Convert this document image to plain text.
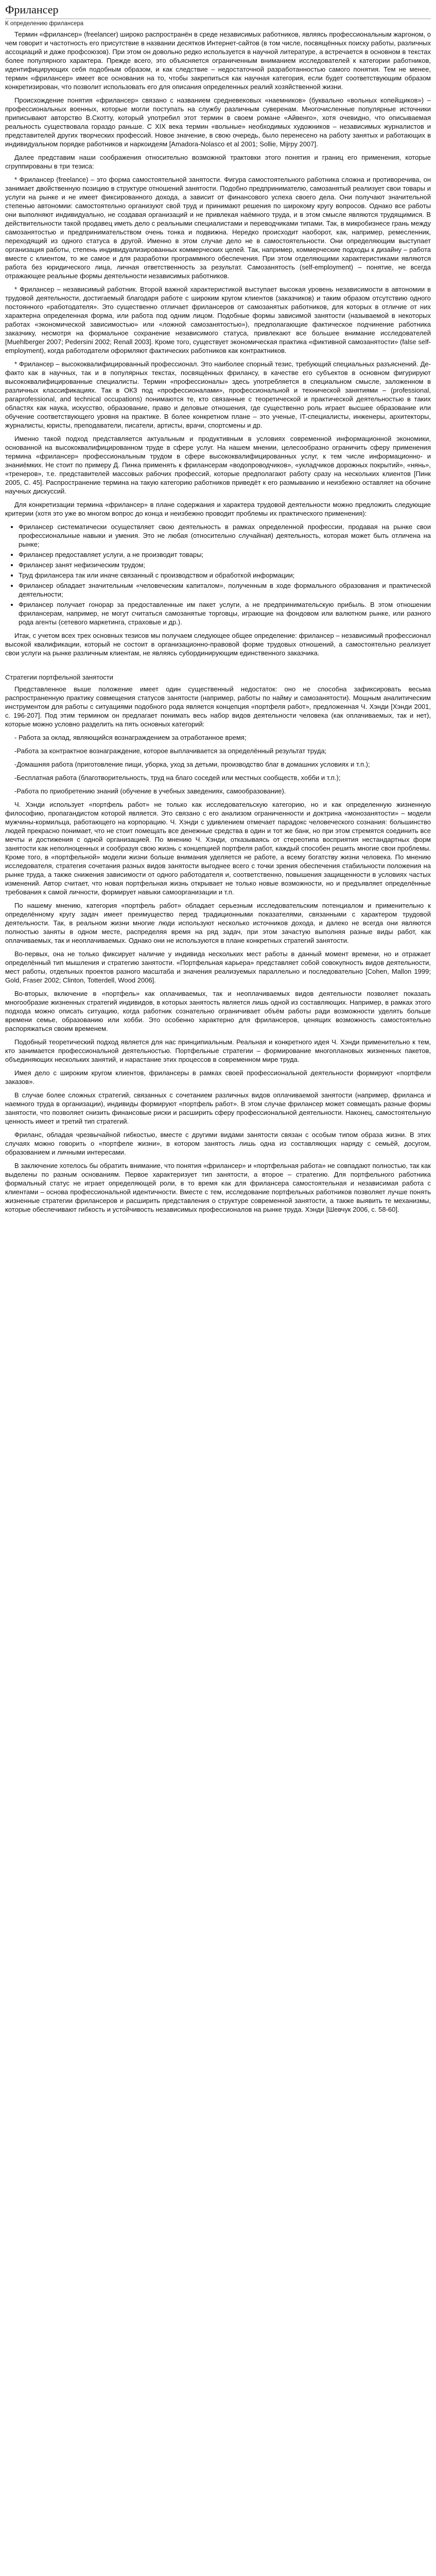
Фрилансер
К определению фрилансера

Термин «фрилансер» (freelancer) широко распространён в среде независимых работников, являясь профессиональным жаргоном, о чем говорит и частотность его присутствие в названии десятков Интернет-сайтов (в том числе, посвящённых поиску работы, различных ассоциаций и даже профсоюзов). При этом он довольно редко используется в научной литературе, а встречается в основном в текстах более популярного характера. Прежде всего, это объясняется ограниченным вниманием исследователей к категории работников, идентифицирующих себя подобным образом, и как следствие – недостаточной разработанностью самого понятия. Тем не менее, термин «фрилансер» имеет все основания на то, чтобы закрепиться как научная категория, если будет соответствующим образом конкретизирован, что позволит использовать его для описания определенных реалий хозяйственной жизни.

Происхождение понятия «фрилансер» связано с названием средневековых «наемников» (буквально «вольных копейщиков») – профессиональных военных, которые могли поступать на службу различным суверенам. Многочисленные популярные источники приписывают авторство В.Скотту, который употребил этот термин в своем романе «Айвенго», хотя очевидно, что описываемая реальность существовала гораздо раньше. С XIX века термин «вольные» необходимых художников – независимых журналистов и представителей других творческих профессий. Новое значение, в свою очередь, было перенесено на работу занятых и работающих в индивидуальном порядке работников и наркоидеям [Amadora-Nolasco et al 2001; Sollie, Mijrpy 2007].

Далее представим наши соображения относительно возможной трактовки этого понятия и границ его применения, которые сгруппированы в три тезиса:

* Фрилансер (freelance) – это форма самостоятельной занятости. Фигура самостоятельного работника сложна и противоречива, он занимает двойственную позицию в структуре отношений занятости. Подобно предпринимателю, самозанятый реализует свои товары и услуги на рынке и не имеет фиксированного дохода, а зависит от финансового успеха своего дела. Они получают значительной степенью автономии: самостоятельно организуют свой труд и принимают решения по широкому кругу вопросов. Однако все работы они выполняют индивидуально, не создавая организаций и не привлекая наёмного труда, и в этом смысле являются трудящимися. В действительности такой продавец иметь дело с реальными специалистами и переводчиками типами. Так, в микробизнесе грань между самозанятостью и предпринимательством очень тонка и подвижна. Нередко происходит наоборот, как, например, ремесленник, переходящий из одного статуса в другой. Именно в этом случае дело не в самостоятельности. Они определяющим выступает организация работы, степень индивидуализированных коммерческих целей. Так, например, коммерческие подходы к дизайну – работа вместе с клиентом, то же самое и для разработки программного обеспечения. При этом отделяющими характеристиками являются работа без юридического лица, личная ответственность за результат. Самозанятость (self-employment) – понятие, не всегда отражающее реальные формы деятельности независимых работников.

* Фрилансер – независимый работник. Второй важной характеристикой выступает высокая уровень независимости в автономии в трудовой деятельности, достигаемый благодаря работе с широким кругом клиентов (заказчиков) и таким образом отсутствию одного постоянного «работодателя». Это существенно отличает фрилансеров от самозанятых работников, для которых в отличие от них характерна определенная форма, или работа под одним лицом. Подобные формы зависимой занятости (называемой в некоторых работах «экономической зависимостью» или «ложной самозанятостью»), предполагающие фактическое подчинение работника заказчику, несмотря на формальное сохранение независимого статуса, привлекают все большее внимание исследователей [Muehlberger 2007; Pedersini 2002; Renall 2003]. Кроме того, существует экономическая практика «фиктивной самозанятости» (false self-employment), когда работодатели оформляют фактических работников как контрактников.

* Фрилансер – высококвалифицированный профессионал. Это наиболее спорный тезис, требующий специальных разъяснений. Де-факто как в научных, так и в популярных текстах, посвящённых фрилансу, в качестве его субъектов в основном фигурируют высококвалифицированные специалисты. Термин «профессионалы» здесь употребляется в специальном смысле, заложенном в различных классификациях. Так в ОКЗ под «профессионалами», профессиональной и технической занятиями – (professional, paraprofessional, and technical occupations) понимаются те, кто связанные с теоретической и практической деятельностью в таких областях как наука, искусство, образование, право и деловые отношения, где существенно роль играет высшее образование или обучение соответствующего уровня на практике. В более конкретном плане – это ученые, IT-специалисты, инженеры, архитекторы, журналисты, юристы, преподаватели, писатели, артисты, врачи, спортсмены и др.

Именно такой подход представляется актуальным и продуктивным в условиях современной информационной экономики, основанной на высококвалифицированном труде в сфере услуг. На нашем мнении, целесообразно ограничить сферу применения термина «фрилансер» профессиональным трудом в сфере высококвалифицированных услуг, к тем числе информационно- и знаниёмких. Не стоит по примеру Д. Пинка применять к фрилансерам «водопроводчиков», «укладчиков дорожных покрытий», «нянь», «тренеров», т.е. представителей массовых рабочих профессий, которые предполагают работу сразу на нескольких клиентов [Пинк 2005, С. 45]. Распространение термина на такую категорию работников приведёт к его размыванию и неизбежно оставляет на обочине научных дискуссий.

Для конкретизации термина «фрилансер» в плане содержания и характера трудовой деятельности можно предложить следующие критерии (хотя это уже во многом вопрос до конца и неизбежно проводит проблемы их практического применения):

• Фрилансер систематически осуществляет свою деятельность в рамках определенной профессии, продавая на рынке свои профессиональные навыки и умения. Это не любая (относительно случайная) деятельность, которая может быть отличена на рынке;
• Фрилансер предоставляет услуги, а не производит товары;
• Фрилансер занят нефизическим трудом;
• Труд фрилансера так или иначе связанный с производством и обработкой информации;
• Фрилансер обладает значительным «человеческим капиталом», полученным в ходе формального образования и практической деятельности;
• Фрилансер получает гонорар за предоставленные им пакет услуги, а не предпринимательскую прибыль. В этом отношении фрилансерам, например, не могут считаться самозанятые торговцы, играющие на фондовом или валютном рынке, или разного рода агенты (сетевого маркетинга, страховые и др.).

Итак, с учетом всех трех основных тезисов мы получаем следующее общее определение: фрилансер – независимый профессионал высокой квалификации, который не состоит в организационно-правовой форме трудовых отношений, а самостоятельно реализует свои услуги на рынке различным клиентам, не являясь субординирующим единственного заказчика.

Стратегии портфельной занятости

Представленное выше положение имеет один существенный недостаток: оно не способна зафиксировать весьма распространенную практику совмещения статусов занятости (например, работы по найму и самозанятости). Мощным аналитическим инструментом для работы с ситуациями подобного рода является концепция «портфеля работ», предложенная Ч. Хэнди [Хэнди 2001, с. 196-207]. Под этим термином он предлагает понимать весь набор видов деятельности человека (как оплачиваемых, так и нет), которые можно условно разделить на пять основных категорий:

- Работа за оклад, являющийся вознаграждением за отработанное время;

-Работа за контрактное вознаграждение, которое выплачивается за определённый результат труда;

-Домашняя работа (приготовление пищи, уборка, уход за детьми, производство благ в домашних условиях и т.п.);

-Бесплатная работа (благотворительность, труд на благо соседей или местных сообществ, хобби и т.п.);

-Работа по приобретению знаний (обучение в учебных заведениях, самообразование).

Ч. Хэнди использует «портфель работ» не только как исследовательскую категорию, но и как определенную жизненную философию, пропагандистом которой является. Это связано с его анализом ограниченности и доктрина «монозанятости» – модели мужчины-кормильца, работающего на корпорацию. Ч. Хэнди с удивлением отмечает парадокс человеческого сознания: большинство людей прекрасно понимает, что не стоит помещать все денежные средства в один и тот же банк, но при этом стремятся соединить все мечты и достижения с одной организацией. По мнению Ч. Хэнди, отказываясь от стереотипа восприятия нестандартных форм занятости как неполноценных и сообразуя свою жизнь с концепцией портфеля работ, каждый способен решить многие свои проблемы. Кроме того, в «портфельной» модели жизни больше внимания уделяется не работе, а всему богатству жизни человека. По мнению исследователя, стратегия сочетания разных видов занятости выгоднее всего с точки зрения обеспечения стабильности положения на рынке труда, а также снижения зависимости от одного работодателя и, соответственно, повышения защищенности в условиях частых изменений. Автор считает, что новая портфельная жизнь открывает не только новые возможности, но и предъявляет определённые требования к самой личности, формирует навыки самоорганизации и т.п.

По нашему мнению, категория «портфель работ» обладает серьезным исследовательским потенциалом и применительно к определённому кругу задач имеет преимущество перед традиционными показателями, связанными с характером трудовой деятельности. Так, в реальном жизни многие люди используют несколько источников дохода, и далеко не всегда они являются полностью заняты в одном месте, распределяя время на ряд задач, при этом зачастую выполняя разные виды работ, как оплачиваемых, так и неоплачиваемых. Однако они не используются в плане конкретных стратегий занятости.

Во-первых, она не только фиксирует наличие у индивида нескольких мест работы в данный момент времени, но и отражает определённый тип мышления и стратегию занятости. «Портфельная карьера» представляет собой совокупность видов деятельности, мест работы, отдельных проектов разного масштаба и значения реализуемых параллельно и последовательно [Cohen, Mallon 1999; Gold, Fraser 2002; Clinton, Totterdell, Wood 2006].

Во-вторых, включение в «портфель» как оплачиваемых, так и неоплачиваемых видов деятельности позволяет показать многообразие жизненных стратегий индивидов, в которых занятость является лишь одной из составляющих. Например, в рамках этого подхода можно описать ситуацию, когда работник сознательно ограничивает объём работы ради возможности уделять больше времени семье, образованию или хобби. Это особенно характерно для фрилансеров, ценящих возможность самостоятельно распоряжаться своим временем.

Подобный теоретический подход является для нас принципиальным. Реальная и конкретного идея Ч. Хэнди применительно к тем, кто занимается профессиональной деятельностью. Портфельные стратегии – формирование многоплановых жизненных пакетов, объединяющих нескольких занятий, и нарастание этих процессов в современном мире труда.

Имея дело с широким кругом клиентов, фрилансеры в рамках своей профессиональной деятельности формируют «портфели заказов».

В случае более сложных стратегий, связанных с сочетанием различных видов оплачиваемой занятости (например, фриланса и наемного труда в организации), индивиды формируют «портфель работ». В этом случае фрилансер может совмещать разные формы занятости, что позволяет снизить финансовые риски и расширить сферу профессиональной деятельности. Наконец, самостоятельную ценность имеет и третий тип стратегий.

Фриланс, обладая чрезвычайной гибкостью, вместе с другими видами занятости связан с особым типом образа жизни. В этих случаях можно говорить о «портфеле жизни», в котором занятость лишь одна из составляющих наряду с семьёй, досугом, образованием и личными интересами.

В заключение хотелось бы обратить внимание, что понятия «фрилансер» и «портфельная работа» не совпадают полностью, так как выделены по разным основаниям. Первое характеризует тип занятости, а второе – стратегию. Для портфельного работника формальный статус не играет определяющей роли, в то время как для фрилансера самостоятельная и независимая работа с клиентами – основа профессиональной идентичности. Вместе с тем, исследование портфельных работников позволяет лучше понять жизненные стратегии фрилансеров и расширить представления о структуре современной занятости, а также выявить те механизмы, которые обеспечивают гибкость и устойчивость независимых профессионалов на рынке труда. Хэнди [Шевчук 2006, с. 58-60].
